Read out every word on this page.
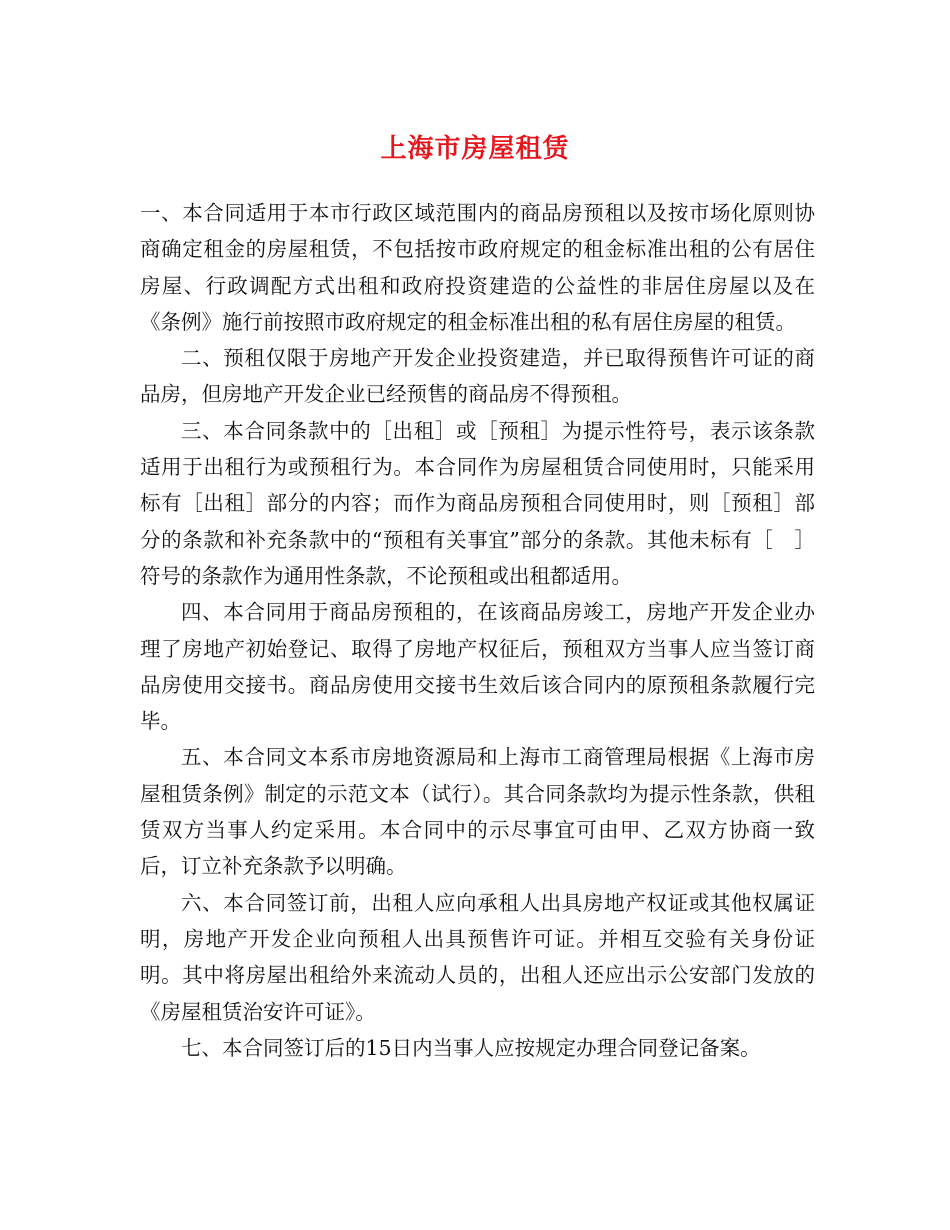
上海市房屋租赁

一、本合同适用于本市行政区域范围内的商品房预租以及按市场化原则协商确定租金的房屋租赁，不包括按市政府规定的租金标准出租的公有居住房屋、行政调配方式出租和政府投资建造的公益性的非居住房屋以及在《条例》施行前按照市政府规定的租金标准出租的私有居住房屋的租赁。

二、预租仅限于房地产开发企业投资建造，并已取得预售许可证的商品房，但房地产开发企业已经预售的商品房不得预租。

三、本合同条款中的［出租］或［预租］为提示性符号，表示该条款适用于出租行为或预租行为。本合同作为房屋租赁合同使用时，只能采用标有［出租］部分的内容；而作为商品房预租合同使用时，则［预租］部分的条款和补充条款中的“预租有关事宜”部分的条款。其他未标有［　］符号的条款作为通用性条款，不论预租或出租都适用。

四、本合同用于商品房预租的，在该商品房竣工，房地产开发企业办理了房地产初始登记、取得了房地产权征后，预租双方当事人应当签订商品房使用交接书。商品房使用交接书生效后该合同内的原预租条款履行完毕。

五、本合同文本系市房地资源局和上海市工商管理局根据《上海市房屋租赁条例》制定的示范文本（试行）。其合同条款均为提示性条款，供租赁双方当事人约定采用。本合同中的示尽事宜可由甲、乙双方协商一致后，订立补充条款予以明确。

六、本合同签订前，出租人应向承租人出具房地产权证或其他权属证明，房地产开发企业向预租人出具预售许可证。并相互交验有关身份证明。其中将房屋出租给外来流动人员的，出租人还应出示公安部门发放的《房屋租赁治安许可证》。

七、本合同签订后的15日内当事人应按规定办理合同登记备案。
